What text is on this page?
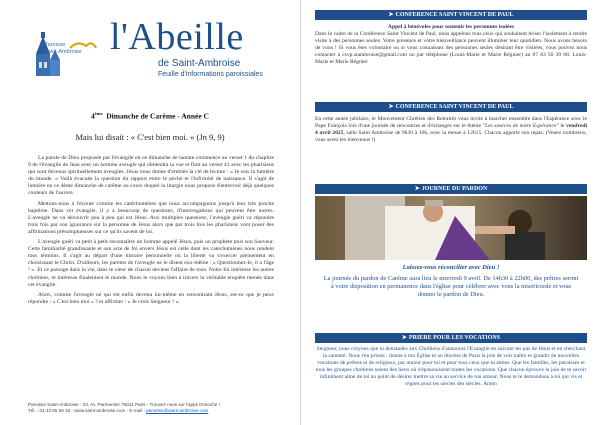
Paroisse
Saint-Ambroise l'Abeille
de Saint-Ambroise
Feuille d'informations paroissiales
4ème Dimanche de Carême - Année C
Mais lui disait : « C'est bien moi. » (Jn 9, 9)

La parole de Dieu proposée par l'évangile en ce dimanche de laetare commence au verset 1 du chapitre 9 de l'évangile de Jean avec un homme aveugle qui obtiendra la vue et finit au verset 41 avec les pharisiens qui sont devenus spirituellement aveugles. Jésus nous donne d'emblée la clé de lecture : « Je suis la lumière du monde. » Voilà évacuée la question du rapport entre le péché et l'infirmité de naissance. Il s'agit de lumière en ce 4ème dimanche de carême au cours duquel la liturgie nous propose d'entrevoir déjà quelques couleurs de l'aurore.

Mettons-nous à l'écoute comme les catéchumènes que nous accompagnons jusqu'à leur très proche baptême. Dans cet évangile, il y a beaucoup de questions, d'interrogations qui peuvent être notres. L'aveugle ne va découvrir peu à peu qui est Jésus. Aux multiples questions, l'aveugle guéri va répondre trois fois par son ignorance sur la personne de Jésus alors que par trois fois les pharisiens vont poser des affirmations présomptueuses sur ce qu'ils savent de lui.

L'aveugle guéri va petit à petit reconnaître un homme appelé Jésus, puis un prophète puis son Sauveur. Cette familiarité grandissante et son acte de foi envers Jésus est celle dont les catéchumènes nous rendent tous témoins. Il s'agit au départ d'une histoire personnelle où la liberté va s'exercer pleinement en choisissant le Christ. D'ailleurs, les parents de l'aveugle ne le disent eux-même : « Questionnez-le, il a l'âge ! ». Et ce passage dans la vie, dans le cœur de chacun devient l'affaire de tous. Notre foi intéresse les autres chrétiens, et intéresse finalement le monde. Nous le voyons bien à travers la véritable enquête menée dans cet évangile.

Alors, comme l'aveugle né qui est enfin devenu lui-même en rencontrant Jésus, est-ce que je peux répondre : « C'est bien moi » ? et affirmer : « Je crois Seigneur ! ».

Paroisse Saint-Ambroise - 33, Av. Parmentier 75011 Paris - Trouvez nous sur l'appli Océoche !
Tél. : 01 43 55 56 18 - www.saint-ambroise.com - E-mail : paroisse@saint-ambroise.com
➤ CONFERENCE SAINT VINCENT DE PAUL
Appel à bénévoles pour soutenir les personnes isolées
Dans le cadre de la Conférence Saint Vincent de Paul, nous appelons tous ceux qui souhaitent briser l'isolement à rendre visite à des personnes seules. Votre présence et votre bienveillance peuvent illuminer leur quotidien. Nous avons besoin de vous ! Si vous êtes volontaire ou si vous connaissez des personnes seules désirant être visitées, vous pouvez nous contacter à csvp.stambroise@gmail.com ou par téléphone (Louis-Marie et Marie Régnier) au 07 83 50 39 88. Louis-Marie et Marie Régnier
➤ CONFERENCE SAINT VINCENT DE PAUL
En cette année jubilaire, le Mouvement Chrétien des Retraités vous invite à marcher ensemble dans l'Espérance avec le Pape François lors d'une journée de rencontres et d'échanges sur le thème "Les sources de notre Espérance" le vendredi 4 avril 2025, salle Saint Ambroise de 9h30 à 16h, avec la messe à 12h15. Chacun apporte son repas. (Venez nombreux, vous serez les bienvenus !)
➤ JOURNEE DU PARDON
Laissez-vous réconcilier avec Dieu !
La journée du pardon de Carême aura lieu le mercredi 9 avril. De 14h30 à 22h00, des prêtres seront à votre disposition en permanence dans l'église pour célébrer avec vous la miséricorde et vous donner le pardon de Dieu.
➤ PRIERE POUR LES VOCATIONS
Seigneur, nous croyons que tu demandes aux Chrétiens d'annoncer l'Evangile en suivant les pas de Jésus et en cherchant la sainteté. Nous t'en prions : donne à ton Église et au diocèse de Paris la joie de voir naître et grandir de nouvelles vocations de prêtres et de religieux, par amour pour toi et pour tous ceux que tu aimes. Que les familles, les paroisses et tous les groupes chrétiens soient des lieux où s'épanouissent toutes les vocations. Que chacun éprouve la joie de te savoir infiniment aimé de toi au point de désirer mettre sa vie au service de ton amour. Nous te le demandons à toi qui vis et règnes pour les siècles des siècles. Amen
